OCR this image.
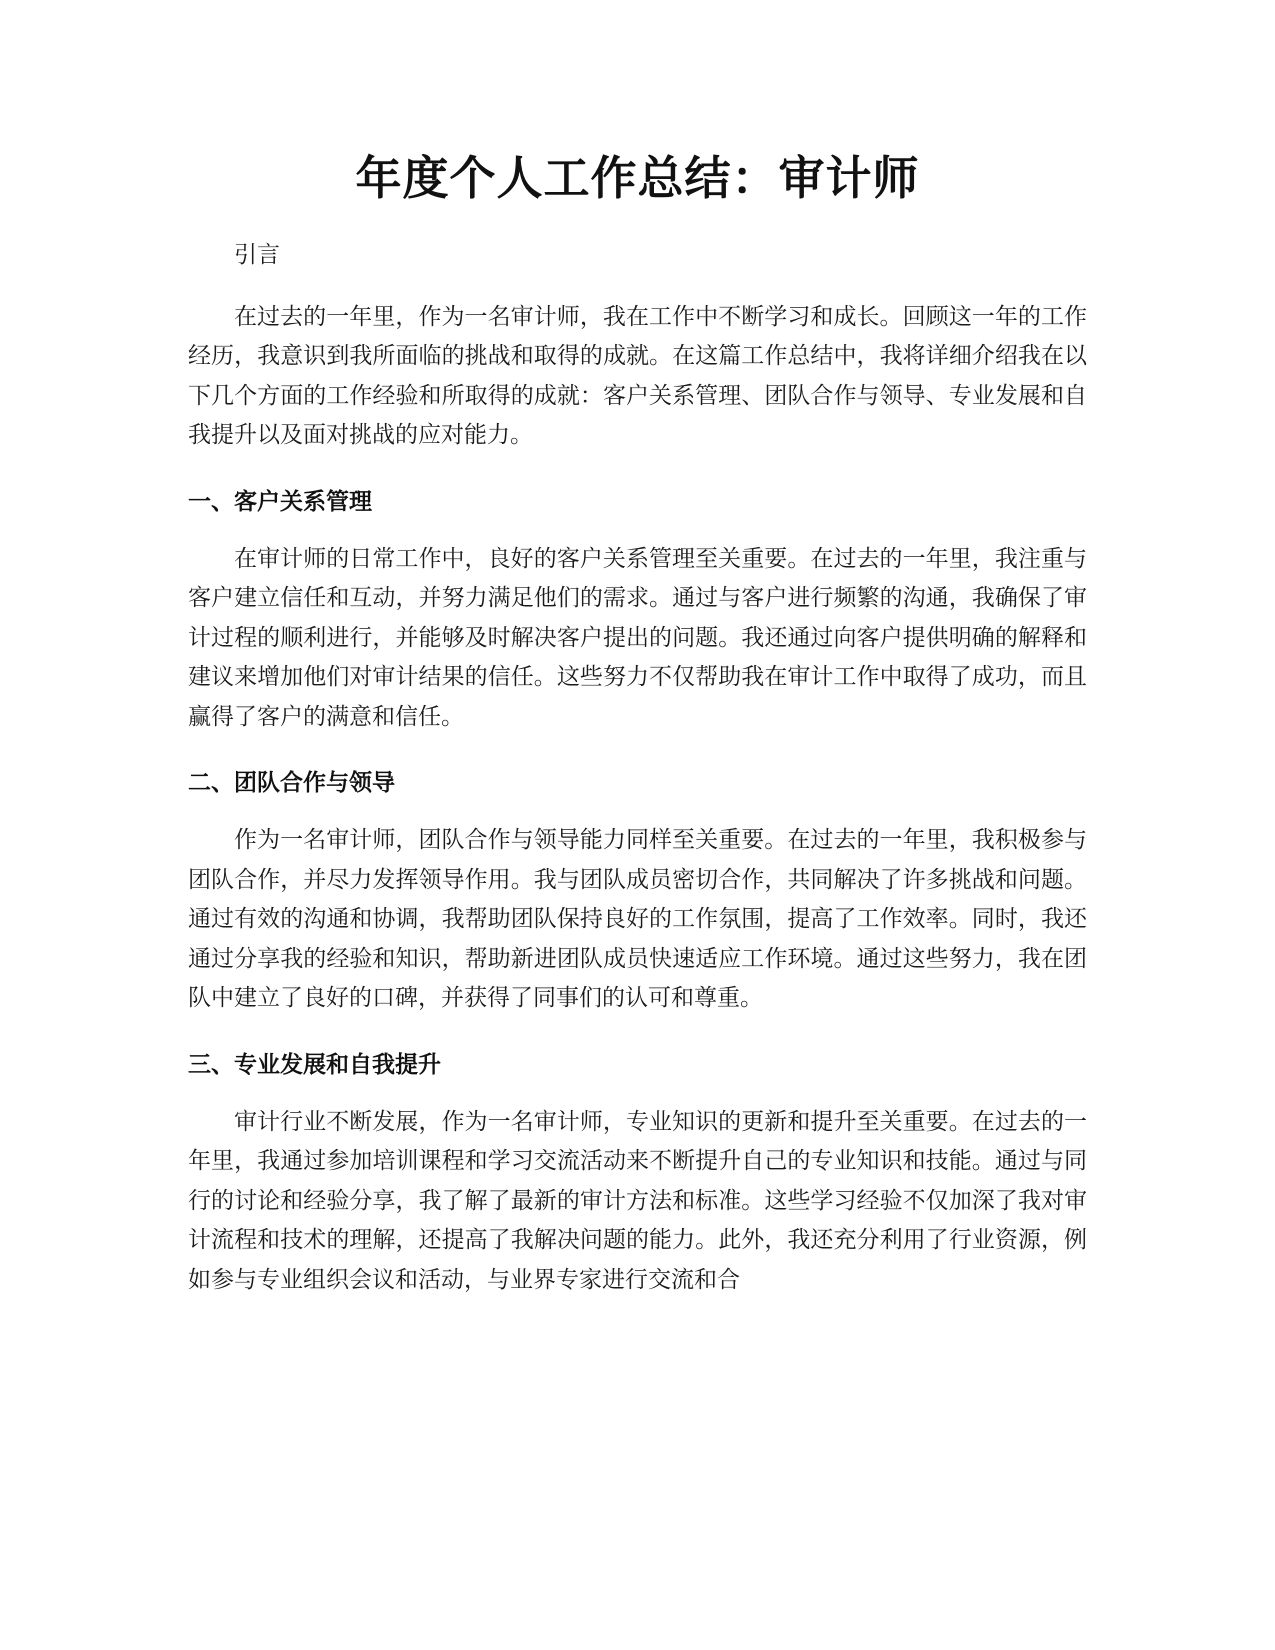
年度个人工作总结：审计师

引言

在过去的一年里，作为一名审计师，我在工作中不断学习和成长。回顾这一年的工作经历，我意识到我所面临的挑战和取得的成就。在这篇工作总结中，我将详细介绍我在以下几个方面的工作经验和所取得的成就：客户关系管理、团队合作与领导、专业发展和自我提升以及面对挑战的应对能力。

一、客户关系管理

在审计师的日常工作中，良好的客户关系管理至关重要。在过去的一年里，我注重与客户建立信任和互动，并努力满足他们的需求。通过与客户进行频繁的沟通，我确保了审计过程的顺利进行，并能够及时解决客户提出的问题。我还通过向客户提供明确的解释和建议来增加他们对审计结果的信任。这些努力不仅帮助我在审计工作中取得了成功，而且赢得了客户的满意和信任。

二、团队合作与领导

作为一名审计师，团队合作与领导能力同样至关重要。在过去的一年里，我积极参与团队合作，并尽力发挥领导作用。我与团队成员密切合作，共同解决了许多挑战和问题。通过有效的沟通和协调，我帮助团队保持良好的工作氛围，提高了工作效率。同时，我还通过分享我的经验和知识，帮助新进团队成员快速适应工作环境。通过这些努力，我在团队中建立了良好的口碑，并获得了同事们的认可和尊重。

三、专业发展和自我提升

审计行业不断发展，作为一名审计师，专业知识的更新和提升至关重要。在过去的一年里，我通过参加培训课程和学习交流活动来不断提升自己的专业知识和技能。通过与同行的讨论和经验分享，我了解了最新的审计方法和标准。这些学习经验不仅加深了我对审计流程和技术的理解，还提高了我解决问题的能力。此外，我还充分利用了行业资源，例如参与专业组织会议和活动，与业界专家进行交流和合
